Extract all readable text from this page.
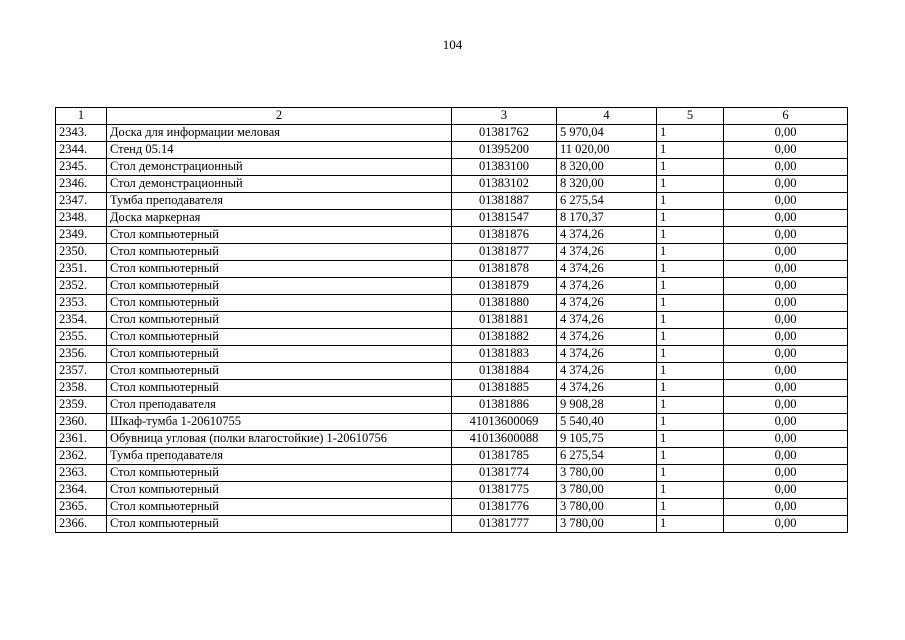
104
1	2	3	4	5	6
2343.	Доска для информации меловая	01381762	5 970,04	1	0,00
2344.	Стенд 05.14	01395200	11 020,00	1	0,00
2345.	Стол демонстрационный	01383100	8 320,00	1	0,00
2346.	Стол демонстрационный	01383102	8 320,00	1	0,00
2347.	Тумба преподавателя	01381887	6 275,54	1	0,00
2348.	Доска маркерная	01381547	8 170,37	1	0,00
2349.	Стол компьютерный	01381876	4 374,26	1	0,00
2350.	Стол компьютерный	01381877	4 374,26	1	0,00
2351.	Стол компьютерный	01381878	4 374,26	1	0,00
2352.	Стол компьютерный	01381879	4 374,26	1	0,00
2353.	Стол компьютерный	01381880	4 374,26	1	0,00
2354.	Стол компьютерный	01381881	4 374,26	1	0,00
2355.	Стол компьютерный	01381882	4 374,26	1	0,00
2356.	Стол компьютерный	01381883	4 374,26	1	0,00
2357.	Стол компьютерный	01381884	4 374,26	1	0,00
2358.	Стол компьютерный	01381885	4 374,26	1	0,00
2359.	Стол преподавателя	01381886	9 908,28	1	0,00
2360.	Шкаф-тумба 1-20610755	41013600069	5 540,40	1	0,00
2361.	Обувница угловая (полки влагостойкие) 1-20610756	41013600088	9 105,75	1	0,00
2362.	Тумба преподавателя	01381785	6 275,54	1	0,00
2363.	Стол компьютерный	01381774	3 780,00	1	0,00
2364.	Стол компьютерный	01381775	3 780,00	1	0,00
2365.	Стол компьютерный	01381776	3 780,00	1	0,00
2366.	Стол компьютерный	01381777	3 780,00	1	0,00
